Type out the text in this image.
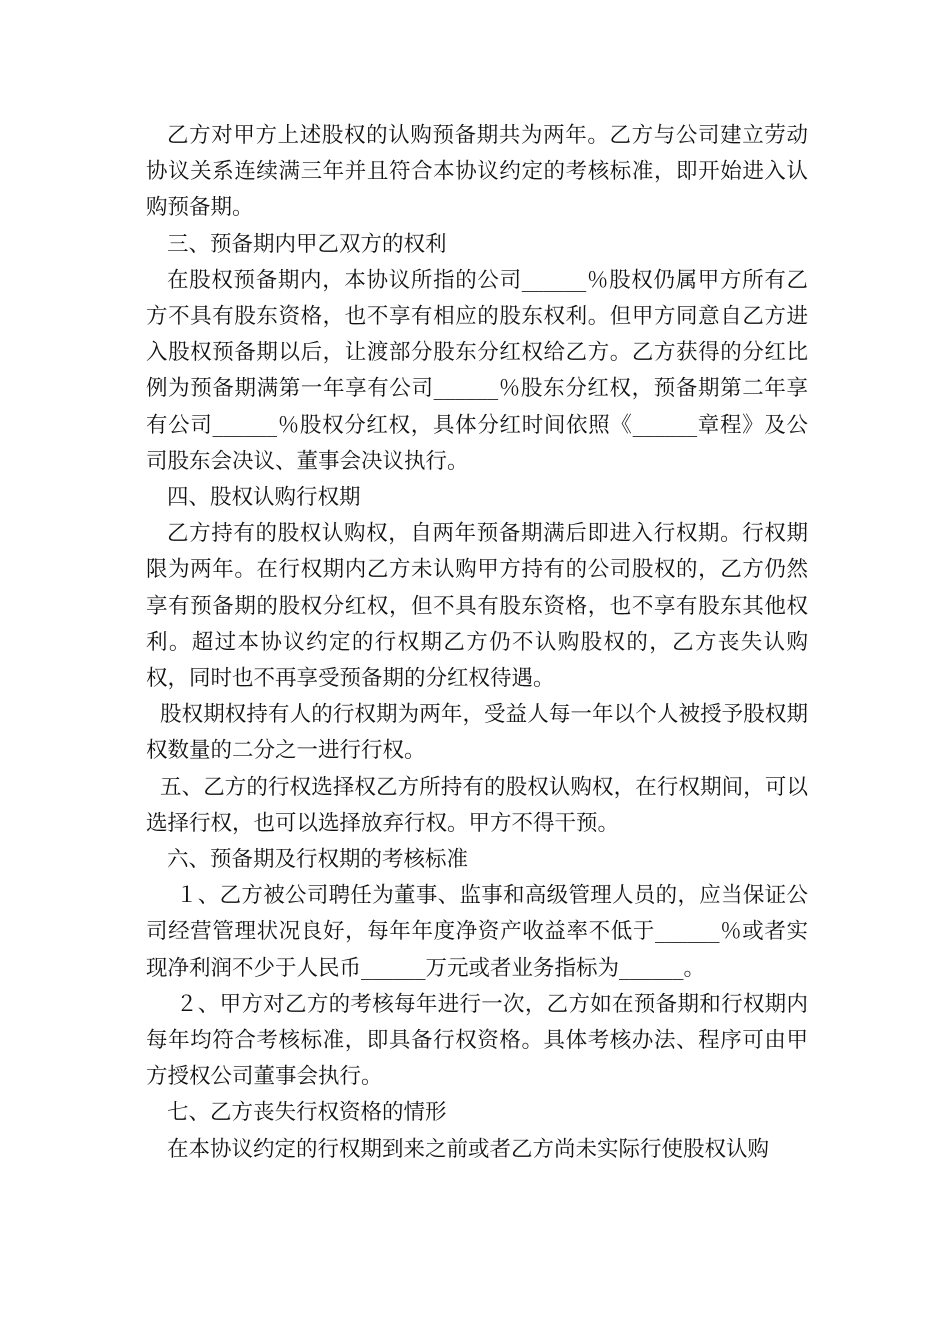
乙方对甲方上述股权的认购预备期共为两年。乙方与公司建立劳动协议关系连续满三年并且符合本协议约定的考核标准，即开始进入认购预备期。

三、预备期内甲乙双方的权利

在股权预备期内，本协议所指的公司______％股权仍属甲方所有乙方不具有股东资格，也不享有相应的股东权利。但甲方同意自乙方进入股权预备期以后，让渡部分股东分红权给乙方。乙方获得的分红比例为预备期满第一年享有公司______％股东分红权，预备期第二年享有公司______％股权分红权，具体分红时间依照《______章程》及公司股东会决议、董事会决议执行。

四、股权认购行权期

乙方持有的股权认购权，自两年预备期满后即进入行权期。行权期限为两年。在行权期内乙方未认购甲方持有的公司股权的，乙方仍然享有预备期的股权分红权，但不具有股东资格，也不享有股东其他权利。超过本协议约定的行权期乙方仍不认购股权的，乙方丧失认购权，同时也不再享受预备期的分红权待遇。

股权期权持有人的行权期为两年，受益人每一年以个人被授予股权期权数量的二分之一进行行权。

五、乙方的行权选择权乙方所持有的股权认购权，在行权期间，可以选择行权，也可以选择放弃行权。甲方不得干预。

六、预备期及行权期的考核标准

１、乙方被公司聘任为董事、监事和高级管理人员的，应当保证公司经营管理状况良好，每年年度净资产收益率不低于______％或者实现净利润不少于人民币______万元或者业务指标为______。

２、甲方对乙方的考核每年进行一次，乙方如在预备期和行权期内每年均符合考核标准，即具备行权资格。具体考核办法、程序可由甲方授权公司董事会执行。

七、乙方丧失行权资格的情形

在本协议约定的行权期到来之前或者乙方尚未实际行使股权认购
